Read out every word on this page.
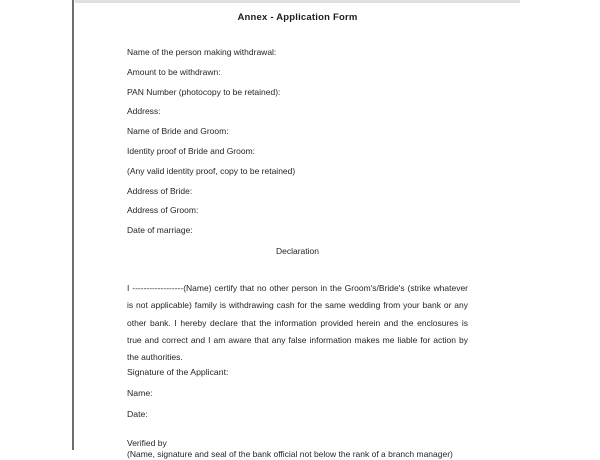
Annex - Application Form
Name of the person making withdrawal:
Amount to be withdrawn:
PAN Number (photocopy to be retained):
Address:
Name of Bride and Groom:
Identity proof of Bride and Groom:
(Any valid identity proof, copy to be retained)
Address of Bride:
Address of Groom:
Date of marriage:
Declaration

I ------------------(Name) certify that no other person in the Groom's/Bride's (strike whatever is not applicable) family is withdrawing cash for the same wedding from your bank or any other bank. I hereby declare that the information provided herein and the enclosures is true and correct and I am aware that any false information makes me liable for action by the authorities.

Signature of the Applicant:
Name:
Date:
Verified by
(Name, signature and seal of the bank official not below the rank of a branch manager)
